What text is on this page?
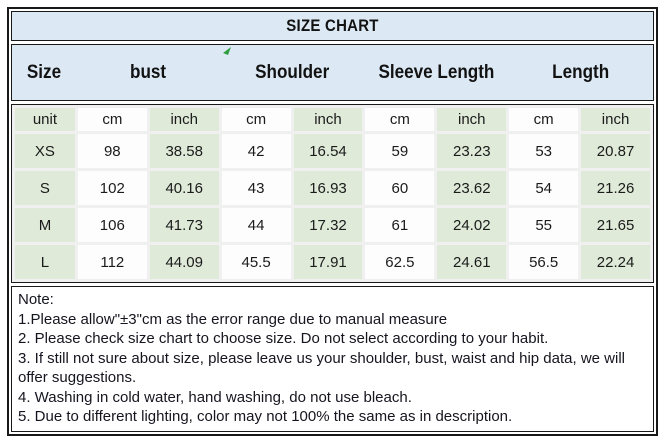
SIZE CHART
Size	bust	Shoulder	Sleeve Length	Length
unit	cm	inch	cm	inch	cm	inch	cm	inch
XS	98	38.58	42	16.54	59	23.23	53	20.87
S	102	40.16	43	16.93	60	23.62	54	21.26
M	106	41.73	44	17.32	61	24.02	55	21.65
L	112	44.09	45.5	17.91	62.5	24.61	56.5	22.24
Note:
1.Please allow"±3"cm as the error range due to manual measure
2. Please check size chart to choose size. Do not select according to your habit.
3. If still not sure about size, please leave us your shoulder, bust, waist and hip data, we will offer suggestions.
4. Washing in cold water, hand washing, do not use bleach.
5. Due to different lighting, color may not 100% the same as in description.
